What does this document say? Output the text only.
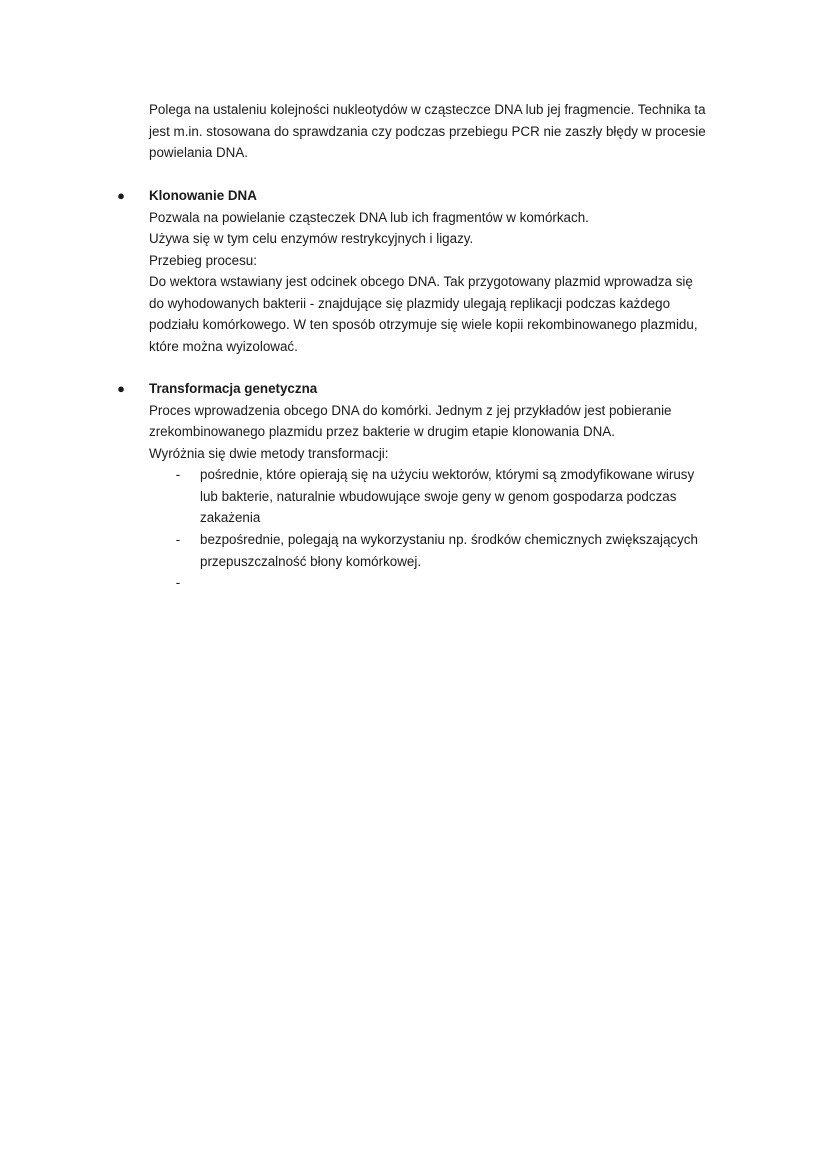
Polega na ustaleniu kolejności nukleotydów w cząsteczce DNA lub jej fragmencie. Technika ta
jest m.in. stosowana do sprawdzania czy podczas przebiegu PCR nie zaszły błędy w procesie
powielania DNA.
● Klonowanie DNA
Pozwala na powielanie cząsteczek DNA lub ich fragmentów w komórkach.
Używa się w tym celu enzymów restrykcyjnych i ligazy.
Przebieg procesu:
Do wektora wstawiany jest odcinek obcego DNA. Tak przygotowany plazmid wprowadza się
do wyhodowanych bakterii - znajdujące się plazmidy ulegają replikacji podczas każdego
podziału komórkowego. W ten sposób otrzymuje się wiele kopii rekombinowanego plazmidu,
które można wyizolować.
● Transformacja genetyczna
Proces wprowadzenia obcego DNA do komórki. Jednym z jej przykładów jest pobieranie
zrekombinowanego plazmidu przez bakterie w drugim etapie klonowania DNA.
Wyróżnia się dwie metody transformacji:
- pośrednie, które opierają się na użyciu wektorów, którymi są zmodyfikowane wirusy
lub bakterie, naturalnie wbudowujące swoje geny w genom gospodarza podczas
zakażenia
- bezpośrednie, polegają na wykorzystaniu np. środków chemicznych zwiększających
przepuszczalność błony komórkowej.
-
